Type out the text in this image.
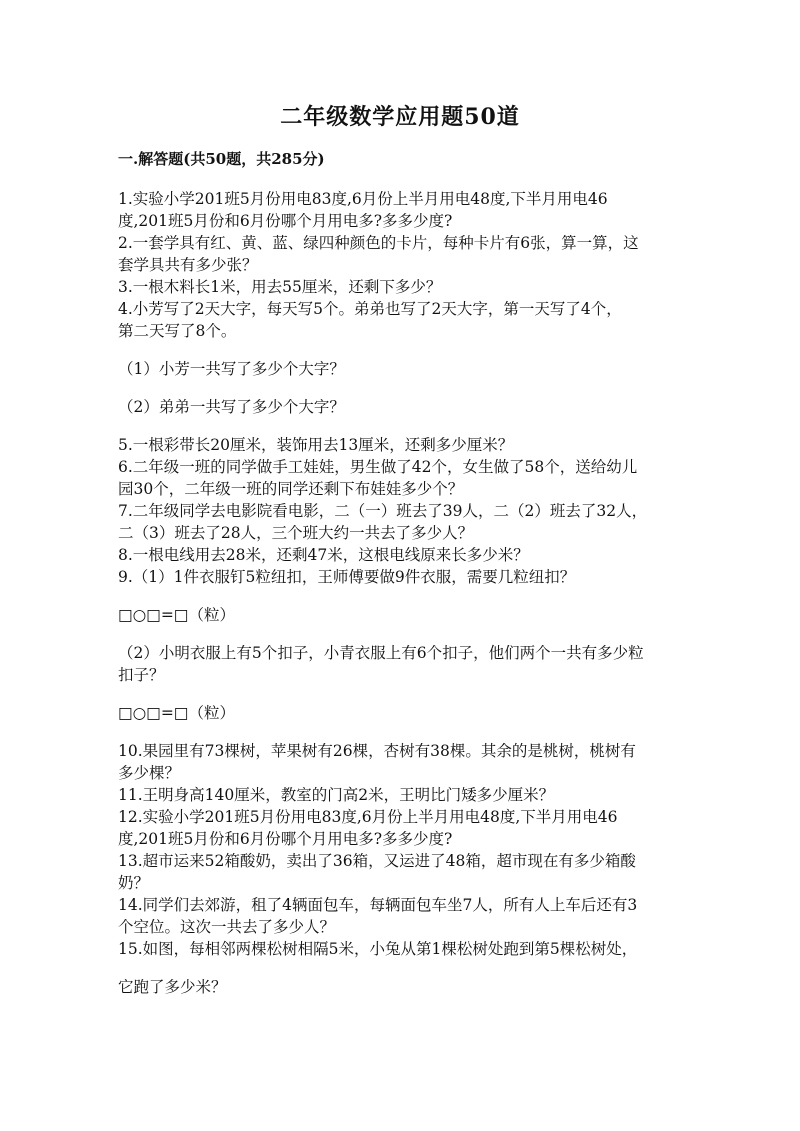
二年级数学应用题50道
一.解答题(共50题，共285分)
1.实验小学201班5月份用电83度,6月份上半月用电48度,下半月用电46
度,201班5月份和6月份哪个月用电多?多多少度?
2.一套学具有红、黄、蓝、绿四种颜色的卡片，每种卡片有6张，算一算，这
套学具共有多少张？
3.一根木料长1米，用去55厘米，还剩下多少？
4.小芳写了2天大字，每天写5个。弟弟也写了2天大字，第一天写了4个，
第二天写了8个。
（1）小芳一共写了多少个大字？
（2）弟弟一共写了多少个大字？
5.一根彩带长20厘米，装饰用去13厘米，还剩多少厘米？
6.二年级一班的同学做手工娃娃，男生做了42个，女生做了58个，送给幼儿
园30个，二年级一班的同学还剩下布娃娃多少个？
7.二年级同学去电影院看电影，二（一）班去了39人，二（2）班去了32人，
二（3）班去了28人，三个班大约一共去了多少人？
8.一根电线用去28米，还剩47米，这根电线原来长多少米？
9.（1）1件衣服钉5粒纽扣，王师傅要做9件衣服，需要几粒纽扣？
□○□=□（粒）
（2）小明衣服上有5个扣子，小青衣服上有6个扣子，他们两个一共有多少粒
扣子？
□○□=□（粒）
10.果园里有73棵树，苹果树有26棵，杏树有38棵。其余的是桃树，桃树有
多少棵？
11.王明身高140厘米，教室的门高2米，王明比门矮多少厘米？
12.实验小学201班5月份用电83度,6月份上半月用电48度,下半月用电46
度,201班5月份和6月份哪个月用电多?多多少度?
13.超市运来52箱酸奶，卖出了36箱，又运进了48箱，超市现在有多少箱酸
奶？
14.同学们去郊游，租了4辆面包车，每辆面包车坐7人，所有人上车后还有3
个空位。这次一共去了多少人？
15.如图，每相邻两棵松树相隔5米，小兔从第1棵松树处跑到第5棵松树处，
它跑了多少米？
